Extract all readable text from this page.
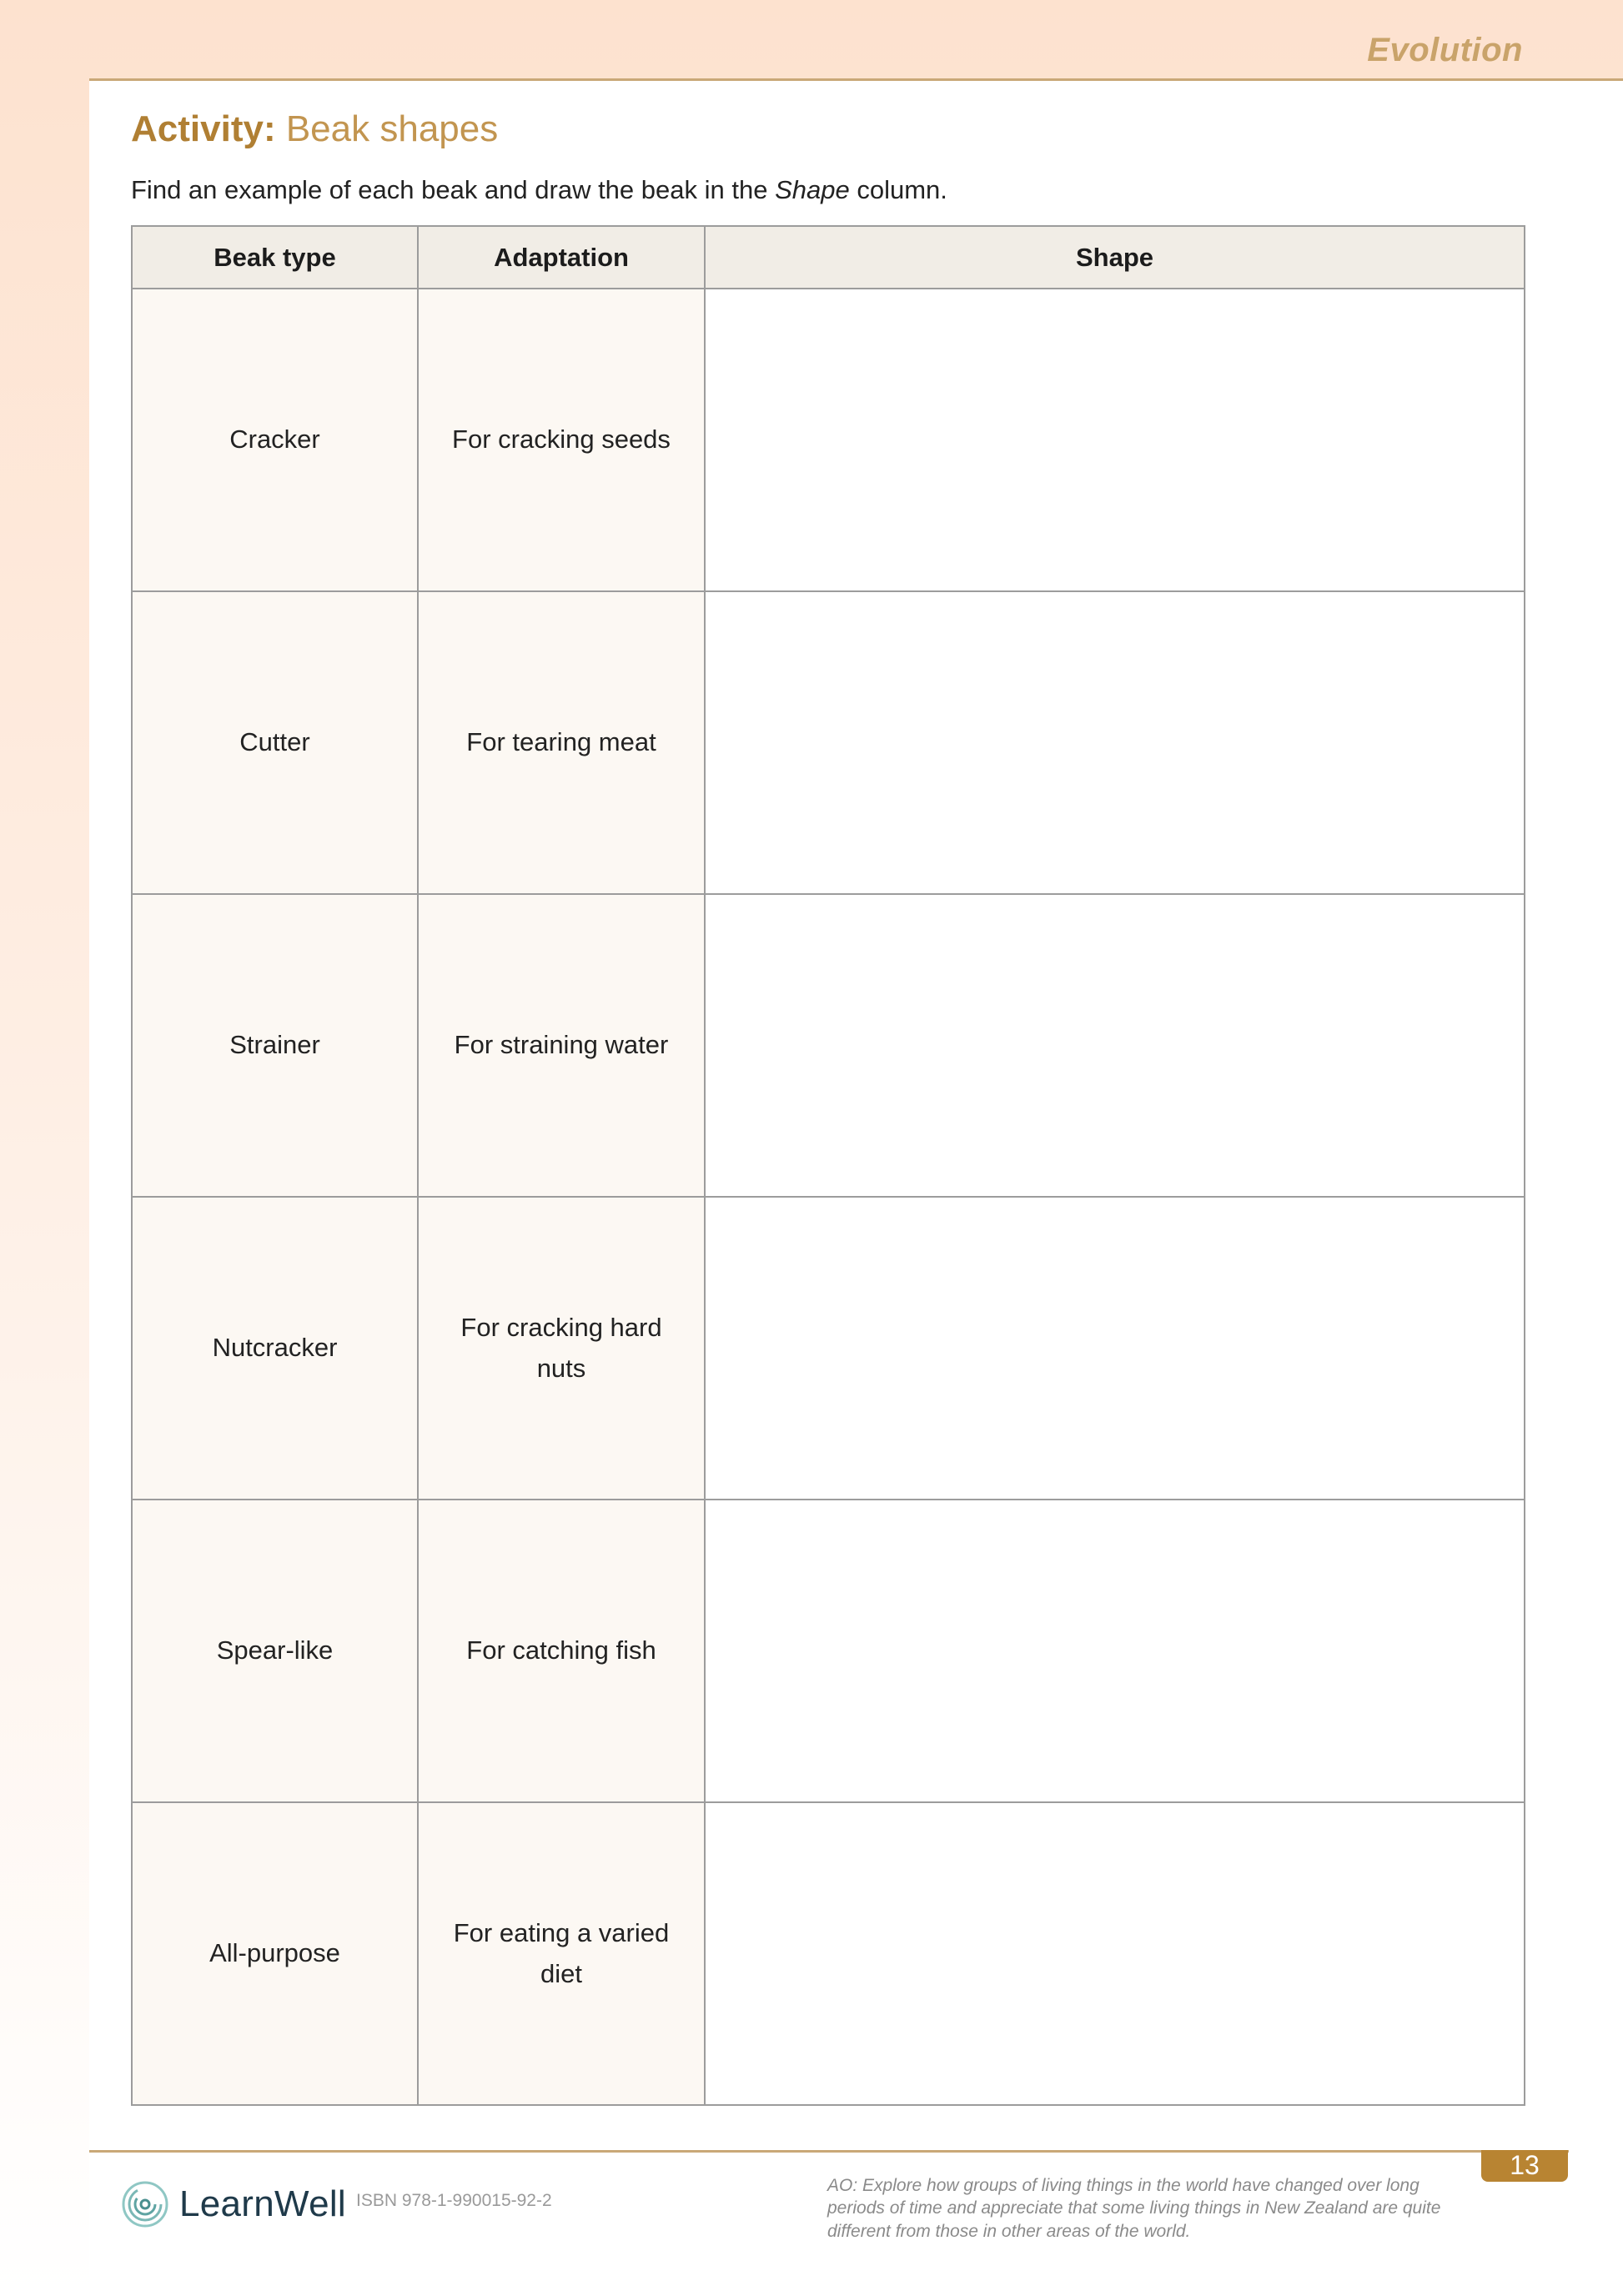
Evolution
Activity: Beak shapes
Find an example of each beak and draw the beak in the Shape column.
Beak type	Adaptation	Shape
Cracker	For cracking seeds	
Cutter	For tearing meat	
Strainer	For straining water	
Nutcracker	For cracking hard nuts	
Spear-like	For catching fish	
All-purpose	For eating a varied diet	
13
LearnWell ISBN 978-1-990015-92-2
AO: Explore how groups of living things in the world have changed over long periods of time and appreciate that some living things in New Zealand are quite different from those in other areas of the world.
